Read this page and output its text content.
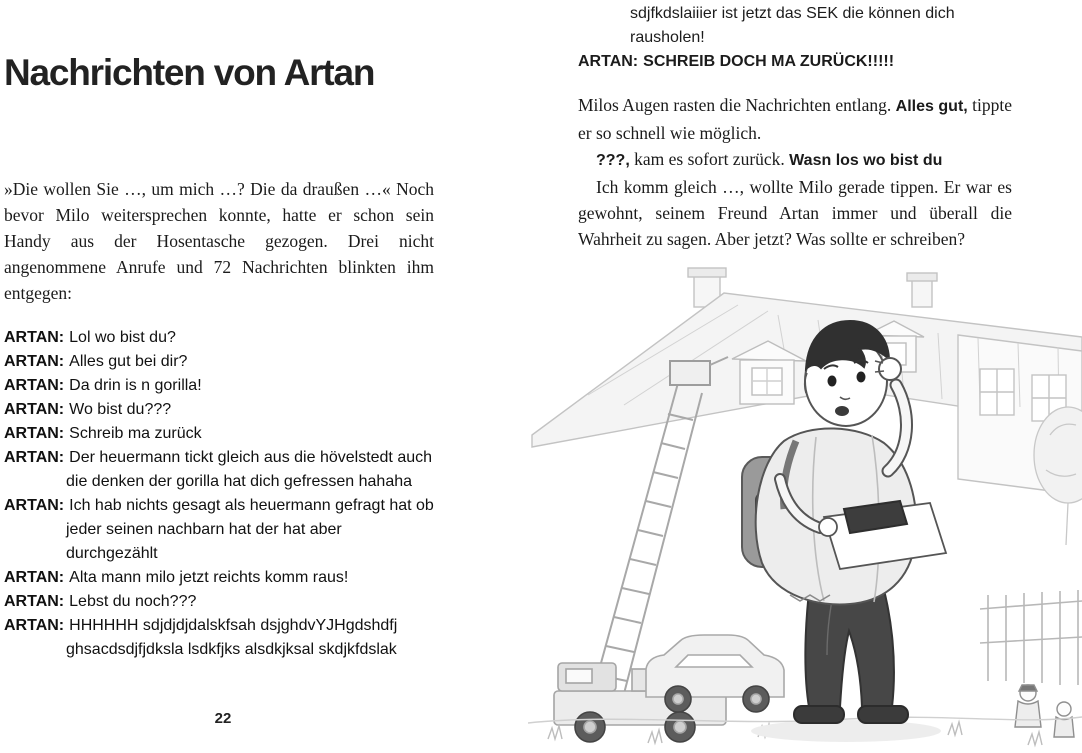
Nachrichten von Artan

»Die wollen Sie …, um mich …? Die da draußen …« Noch bevor Milo weitersprechen konnte, hatte er schon sein Handy aus der Hosentasche gezogen. Drei nicht angenommene Anrufe und 72 Nachrichten blinkten ihm entgegen:

ARTAN: Lol wo bist du?
ARTAN: Alles gut bei dir?
ARTAN: Da drin is n gorilla!
ARTAN: Wo bist du???
ARTAN: Schreib ma zurück
ARTAN: Der heuermann tickt gleich aus die hövelstedt auch die denken der gorilla hat dich gefressen hahaha
ARTAN: Ich hab nichts gesagt als heuermann gefragt hat ob jeder seinen nachbarn hat der hat aber durchgezählt
ARTAN: Alta mann milo jetzt reichts komm raus!
ARTAN: Lebst du noch???
ARTAN: HHHHHH sdjdjdjdalskfsah dsjghdvYJHgdshdfj ghsacdsdjfjdksla lsdkfjks alsdkjksal skdjkfdslak
22
sdjfkdslaiiier ist jetzt das SEK die können dich rausholen!
ARTAN: SCHREIB DOCH MA ZURÜCK!!!!!

Milos Augen rasten die Nachrichten entlang. Alles gut, tippte er so schnell wie möglich.

???, kam es sofort zurück. Wasn los wo bist du

Ich komm gleich …, wollte Milo gerade tippen. Er war es gewohnt, seinem Freund Artan immer und überall die Wahrheit zu sagen. Aber jetzt? Was sollte er schreiben?
